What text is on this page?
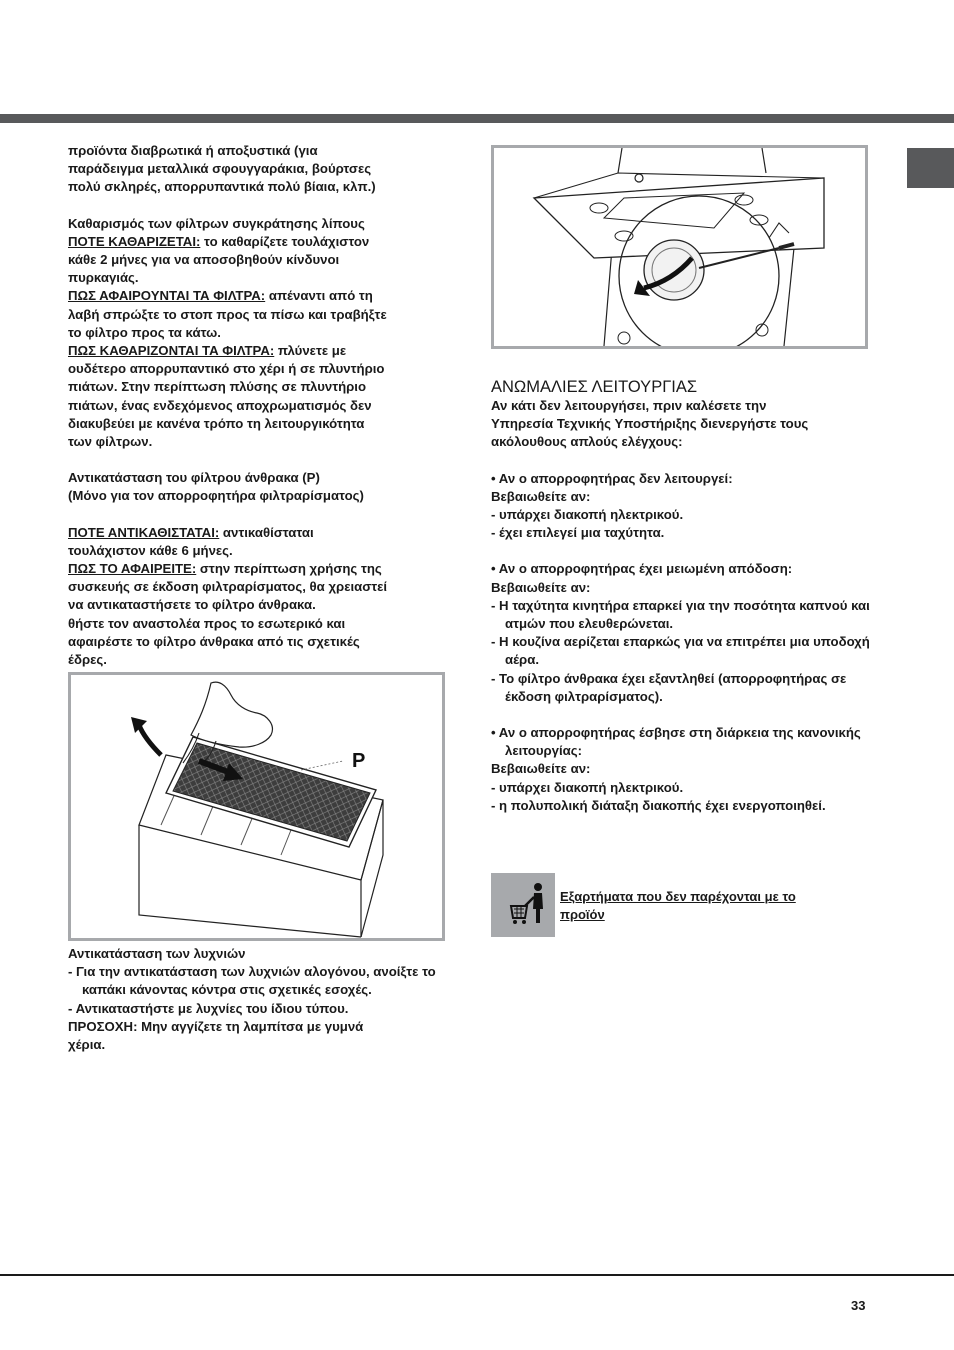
προϊόντα διαβρωτικά ή αποξυστικά (για

παράδειγμα μεταλλικά σφουγγαράκια, βούρτσες

πολύ σκληρές, απορρυπαντικά πολύ βίαια, κλπ.)

Καθαρισμός των φίλτρων συγκράτησης λίπους

ΠΟΤΕ ΚΑΘΑΡΙΖΕΤΑΙ: το καθαρίζετε τουλάχιστον

κάθε 2 μήνες για να αποσοβηθούν κίνδυνοι

πυρκαγιάς.

ΠΩΣ ΑΦΑΙΡΟΥΝΤΑΙ ΤΑ ΦΙΛΤΡΑ: απέναντι από τη

λαβή σπρώξτε το στοπ προς τα πίσω και τραβήξτε

το φίλτρο προς τα κάτω.

ΠΩΣ ΚΑΘΑΡΙΖΟΝΤΑΙ ΤΑ ΦΙΛΤΡΑ: πλύνετε με

ουδέτερο απορρυπαντικό στο χέρι ή σε πλυντήριο

πιάτων. Στην περίπτωση πλύσης σε πλυντήριο

πιάτων, ένας ενδεχόμενος αποχρωματισμός δεν

διακυβεύει με κανένα τρόπο τη λειτουργικότητα

των φίλτρων.

Αντικατάσταση του φίλτρου άνθρακα (P)

(Μόνο για τον απορροφητήρα φιλτραρίσματος)

ΠΟΤΕ ΑΝΤΙΚΑΘΙΣΤΑΤΑΙ: αντικαθίσταται

τουλάχιστον κάθε 6 μήνες.

ΠΩΣ ΤΟ ΑΦΑΙΡΕΙΤΕ: στην περίπτωση χρήσης της

συσκευής σε έκδοση φιλτραρίσματος, θα χρειαστεί

να αντικαταστήσετε το φίλτρο άνθρακα.

θήστε τον αναστολέα προς το εσωτερικό και

αφαιρέστε το φίλτρο άνθρακα από τις σχετικές

έδρες.

P

Αντικατάσταση των λυχνιών

- Για την αντικατάσταση των λυχνιών αλογόνου, ανοίξτε το καπάκι κάνοντας κόντρα στις σχετικές εσοχές.

- Αντικαταστήστε με λυχνίες του ίδιου τύπου.

ΠΡΟΣΟΧΗ: Μην αγγίζετε τη λαμπίτσα με γυμνά

χέρια.

ΑΝΩΜΑΛΙΕΣ ΛΕΙΤΟΥΡΓΙΑΣ

Αν κάτι δεν λειτουργήσει, πριν καλέσετε την

Υπηρεσία Τεχνικής Υποστήριξης διενεργήστε τους

ακόλουθους απλούς ελέγχους:

• Αν ο απορροφητήρας δεν λειτουργεί:

Βεβαιωθείτε αν:

- υπάρχει διακοπή ηλεκτρικού.

- έχει επιλεγεί μια ταχύτητα.

• Αν ο απορροφητήρας έχει μειωμένη απόδοση:

Βεβαιωθείτε αν:

- Η ταχύτητα κινητήρα επαρκεί για την ποσότητα καπνού και ατμών που ελευθερώνεται.

- Η κουζίνα αερίζεται επαρκώς για να επιτρέπει μια υποδοχή αέρα.

- Το φίλτρο άνθρακα έχει εξαντληθεί (απορροφητήρας σε έκδοση φιλτραρίσματος).

• Αν ο απορροφητήρας έσβησε στη διάρκεια της κανονικής λειτουργίας:

Βεβαιωθείτε αν:

- υπάρχει διακοπή ηλεκτρικού.

- η πολυπολική διάταξη διακοπής έχει ενεργοποιηθεί.

Εξαρτήματα που δεν παρέχονται με το
προϊόν
33
